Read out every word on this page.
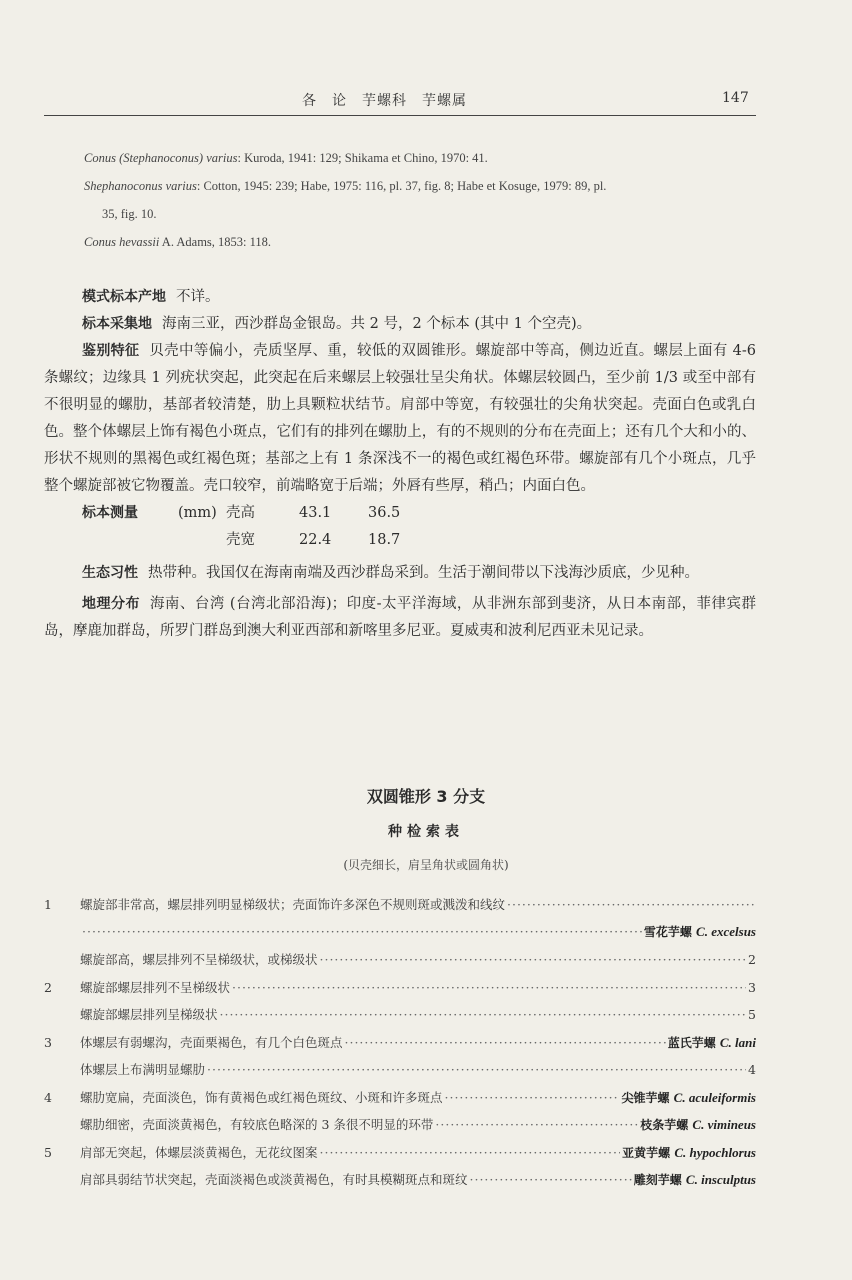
各　论　芋螺科　芋螺属	147
Conus (Stephanoconus) varius: Kuroda, 1941: 129; Shikama et Chino, 1970: 41.
Shephanoconus varius: Cotton, 1945: 239; Habe, 1975: 116, pl. 37, fig. 8; Habe et Kosuge, 1979: 89, pl.
35, fig. 10.
Conus hevassii A. Adams, 1853: 118.

模式标本产地 不详。

标本采集地 海南三亚，西沙群岛金银岛。共 2 号，2 个标本 (其中 1 个空壳)。

鉴别特征 贝壳中等偏小，壳质坚厚、重，较低的双圆锥形。螺旋部中等高，侧边近直。螺层上面有 4-6 条螺纹；边缘具 1 列疣状突起，此突起在后来螺层上较强壮呈尖角状。体螺层较圆凸，至少前 1/3 或至中部有不很明显的螺肋，基部者较清楚，肋上具颗粒状结节。肩部中等宽，有较强壮的尖角状突起。壳面白色或乳白色。整个体螺层上饰有褐色小斑点，它们有的排列在螺肋上，有的不规则的分布在壳面上；还有几个大和小的、形状不规则的黑褐色或红褐色斑；基部之上有 1 条深浅不一的褐色或红褐色环带。螺旋部有几个小斑点，几乎整个螺旋部被它物覆盖。壳口较窄，前端略宽于后端；外唇有些厚，稍凸；内面白色。

标本测量	(mm) 壳高	43.1	36.5
壳宽	22.4	18.7

生态习性 热带种。我国仅在海南南端及西沙群岛采到。生活于潮间带以下浅海沙质底，少见种。

地理分布 海南、台湾 (台湾北部沿海)；印度-太平洋海域，从非洲东部到斐济，从日本南部，菲律宾群岛，摩鹿加群岛，所罗门群岛到澳大利亚西部和新喀里多尼亚。夏威夷和波利尼西亚未见记录。

双圆锥形 3 分支
种检索表
(贝壳细长，肩呈角状或圆角状)
1	螺旋部非常高，螺层排列明显梯级状；壳面饰许多深色不规则斑或溅泼和线纹
·····
·····
雪花芋螺 C. excelsus
螺旋部高，螺层排列不呈梯级状，或梯级状 ·····	2
2	螺旋部螺层排列不呈梯级状 ·····	3
螺旋部螺层排列呈梯级状 ·····	5
3	体螺层有弱螺沟，壳面栗褐色，有几个白色斑点 ·····	蓝氏芋螺 C. lani
体螺层上布满明显螺肋 ·····	4
4	螺肋宽扁，壳面淡色，饰有黄褐色或红褐色斑纹、小斑和许多斑点 ·····	尖锥芋螺 C. aculeiformis
螺肋细密，壳面淡黄褐色，有较底色略深的 3 条很不明显的环带 ·····	枝条芋螺 C. vimineus
5	肩部无突起，体螺层淡黄褐色，无花纹图案 ·····	亚黄芋螺 C. hypochlorus
肩部具弱结节状突起，壳面淡褐色或淡黄褐色，有时具模糊斑点和斑纹 ·····	雕刻芋螺 C. insculptus
